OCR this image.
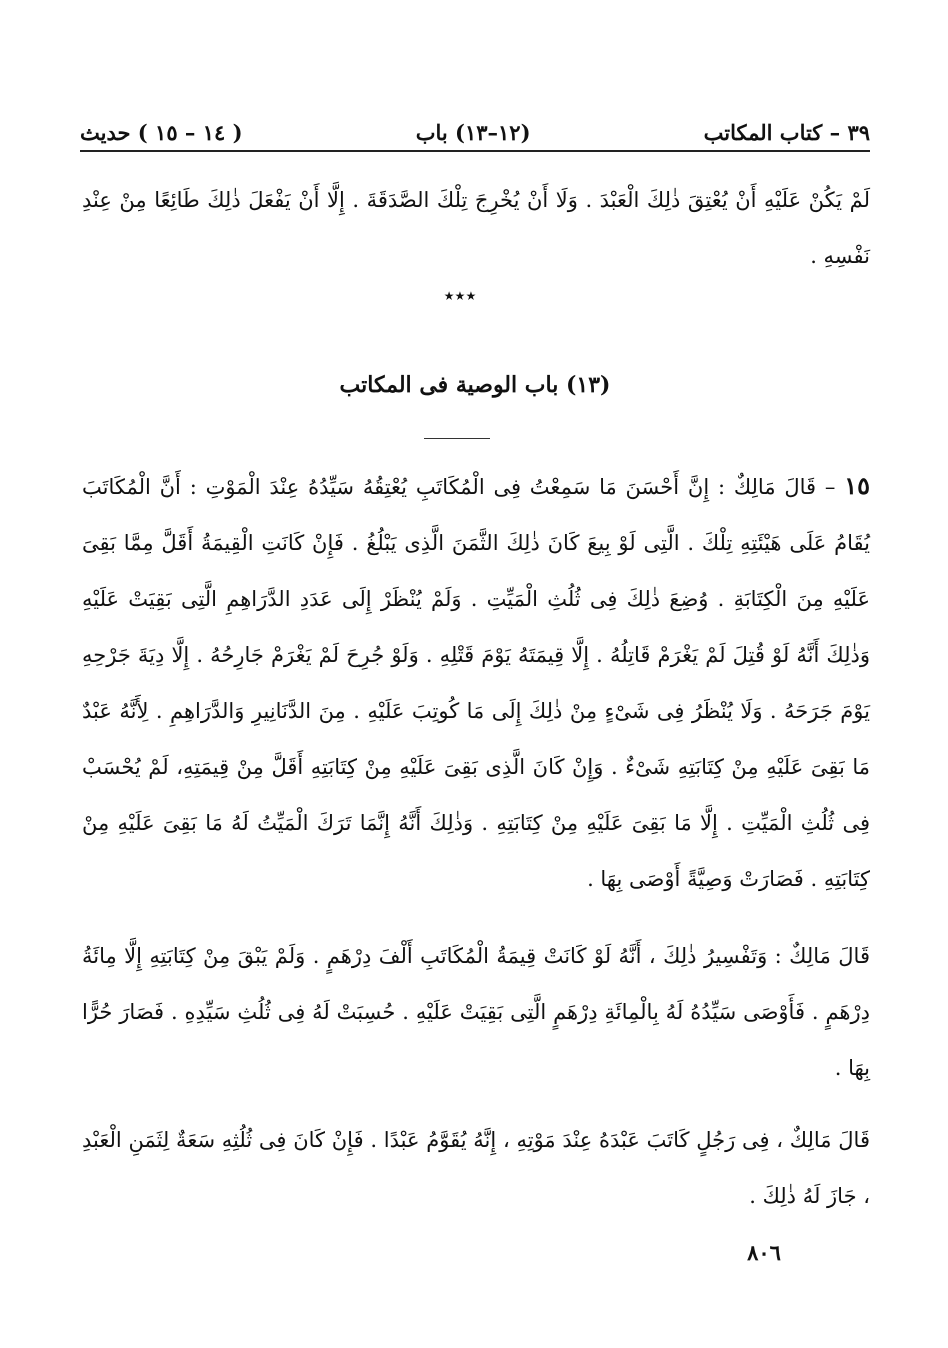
٣٩ – كتاب المكاتب
(١٢–١٣) باب
( ١٤ – ١٥ ) حديث

لَمْ يَكُنْ عَلَيْهِ أَنْ يُعْتِقَ ذٰلِكَ الْعَبْدَ . وَلَا أَنْ يُخْرِجَ تِلْكَ الصَّدَقَةَ . إِلَّا أَنْ يَفْعَلَ ذٰلِكَ طَائِعًا مِنْ عِنْدِ نَفْسِهِ .

٭٭٭
(١٣) باب الوصية فى المكاتب

١٥ – قَالَ مَالِكٌ : إِنَّ أَحْسَنَ مَا سَمِعْتُ فِى الْمُكَاتَبِ يُعْتِقُهُ سَيِّدُهُ عِنْدَ الْمَوْتِ : أَنَّ الْمُكَاتَبَ يُقَامُ عَلَى هَيْئَتِهِ تِلْكَ . الَّتِى لَوْ بِيعَ كَانَ ذٰلِكَ الثَّمَنَ الَّذِى يَبْلُغُ . فَإِنْ كَانَتِ الْقِيمَةُ أَقَلَّ مِمَّا بَقِىَ عَلَيْهِ مِنَ الْكِتَابَةِ . وُضِعَ ذٰلِكَ فِى ثُلُثِ الْمَيِّتِ . وَلَمْ يُنْظَرْ إِلَى عَدَدِ الدَّرَاهِمِ الَّتِى بَقِيَتْ عَلَيْهِ وَذٰلِكَ أَنَّهُ لَوْ قُتِلَ لَمْ يَغْرَمْ قَاتِلُهُ . إِلَّا قِيمَتَهُ يَوْمَ قَتْلِهِ . وَلَوْ جُرِحَ لَمْ يَغْرَمْ جَارِحُهُ . إِلَّا دِيَةَ جَرْحِهِ يَوْمَ جَرَحَهُ . وَلَا يُنْظَرُ فِى شَىْءٍ مِنْ ذٰلِكَ إِلَى مَا كُوتِبَ عَلَيْهِ . مِنَ الدَّنَانِيرِ وَالدَّرَاهِمِ . لِأَنَّهُ عَبْدٌ مَا بَقِىَ عَلَيْهِ مِنْ كِتَابَتِهِ شَىْءٌ . وَإِنْ كَانَ الَّذِى بَقِىَ عَلَيْهِ مِنْ كِتَابَتِهِ أَقَلَّ مِنْ قِيمَتِهِ، لَمْ يُحْسَبْ فِى ثُلُثِ الْمَيِّتِ . إِلَّا مَا بَقِىَ عَلَيْهِ مِنْ كِتَابَتِهِ . وَذٰلِكَ أَنَّهُ إِنَّمَا تَرَكَ الْمَيِّتُ لَهُ مَا بَقِىَ عَلَيْهِ مِنْ كِتَابَتِهِ . فَصَارَتْ وَصِيَّةً أَوْصَى بِهَا .

قَالَ مَالِكٌ : وَتَفْسِيرُ ذٰلِكَ ، أَنَّهُ لَوْ كَانَتْ قِيمَةُ الْمُكَاتَبِ أَلْفَ دِرْهَمٍ . وَلَمْ يَبْقَ مِنْ كِتَابَتِهِ إِلَّا مِائَةُ دِرْهَمٍ . فَأَوْصَى سَيِّدُهُ لَهُ بِالْمِائَةِ دِرْهَمٍ الَّتِى بَقِيَتْ عَلَيْهِ . حُسِبَتْ لَهُ فِى ثُلُثِ سَيِّدِهِ . فَصَارَ حُرًّا بِهَا .

قَالَ مَالِكٌ ، فِى رَجُلٍ كَاتَبَ عَبْدَهُ عِنْدَ مَوْتِهِ ، إِنَّهُ يُقَوَّمُ عَبْدًا . فَإِنْ كَانَ فِى ثُلُثِهِ سَعَةٌ لِثَمَنِ الْعَبْدِ ، جَازَ لَهُ ذٰلِكَ .

٨٠٦
